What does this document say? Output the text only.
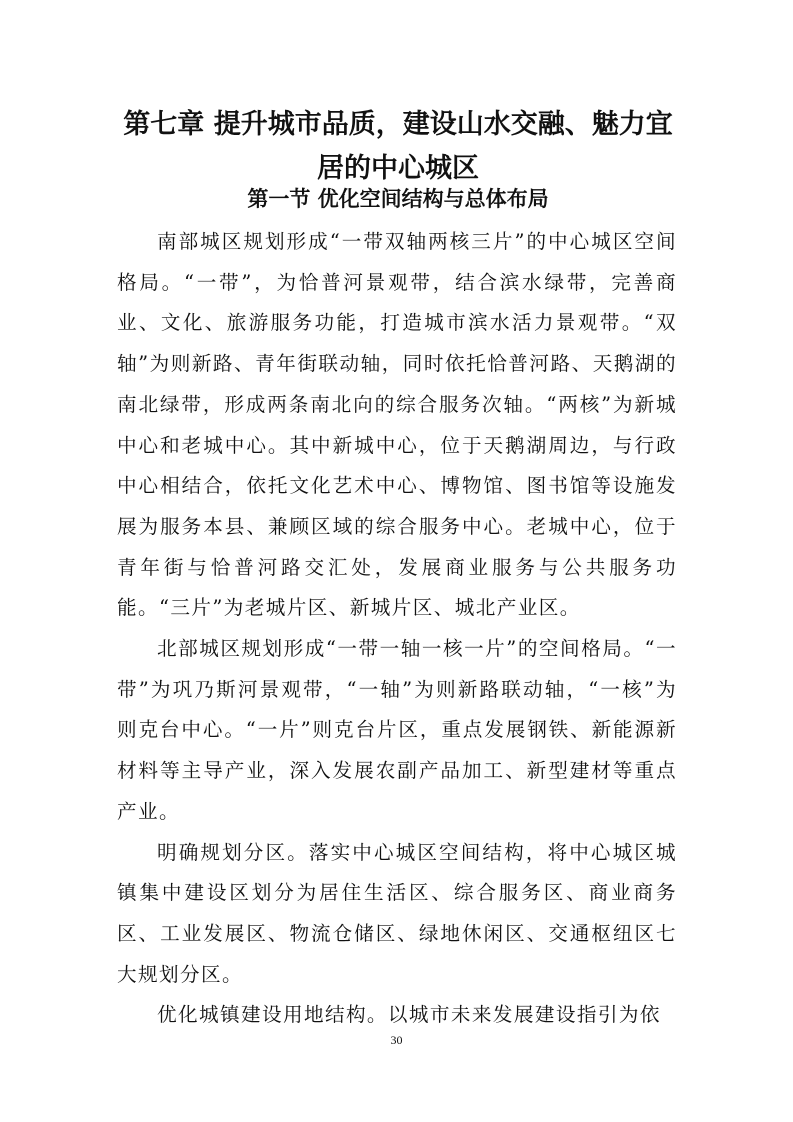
第七章 提升城市品质，建设山水交融、魅力宜居的中心城区
第一节 优化空间结构与总体布局

南部城区规划形成“一带双轴两核三片”的中心城区空间格局。“一带”，为恰普河景观带，结合滨水绿带，完善商业、文化、旅游服务功能，打造城市滨水活力景观带。“双轴”为则新路、青年街联动轴，同时依托恰普河路、天鹅湖的南北绿带，形成两条南北向的综合服务次轴。“两核”为新城中心和老城中心。其中新城中心，位于天鹅湖周边，与行政中心相结合，依托文化艺术中心、博物馆、图书馆等设施发展为服务本县、兼顾区域的综合服务中心。老城中心，位于青年街与恰普河路交汇处，发展商业服务与公共服务功能。“三片”为老城片区、新城片区、城北产业区。

北部城区规划形成“一带一轴一核一片”的空间格局。“一带”为巩乃斯河景观带，“一轴”为则新路联动轴，“一核”为则克台中心。“一片”则克台片区，重点发展钢铁、新能源新材料等主导产业，深入发展农副产品加工、新型建材等重点产业。

明确规划分区。落实中心城区空间结构，将中心城区城镇集中建设区划分为居住生活区、综合服务区、商业商务区、工业发展区、物流仓储区、绿地休闲区、交通枢纽区七大规划分区。

优化城镇建设用地结构。以城市未来发展建设指引为依

30
